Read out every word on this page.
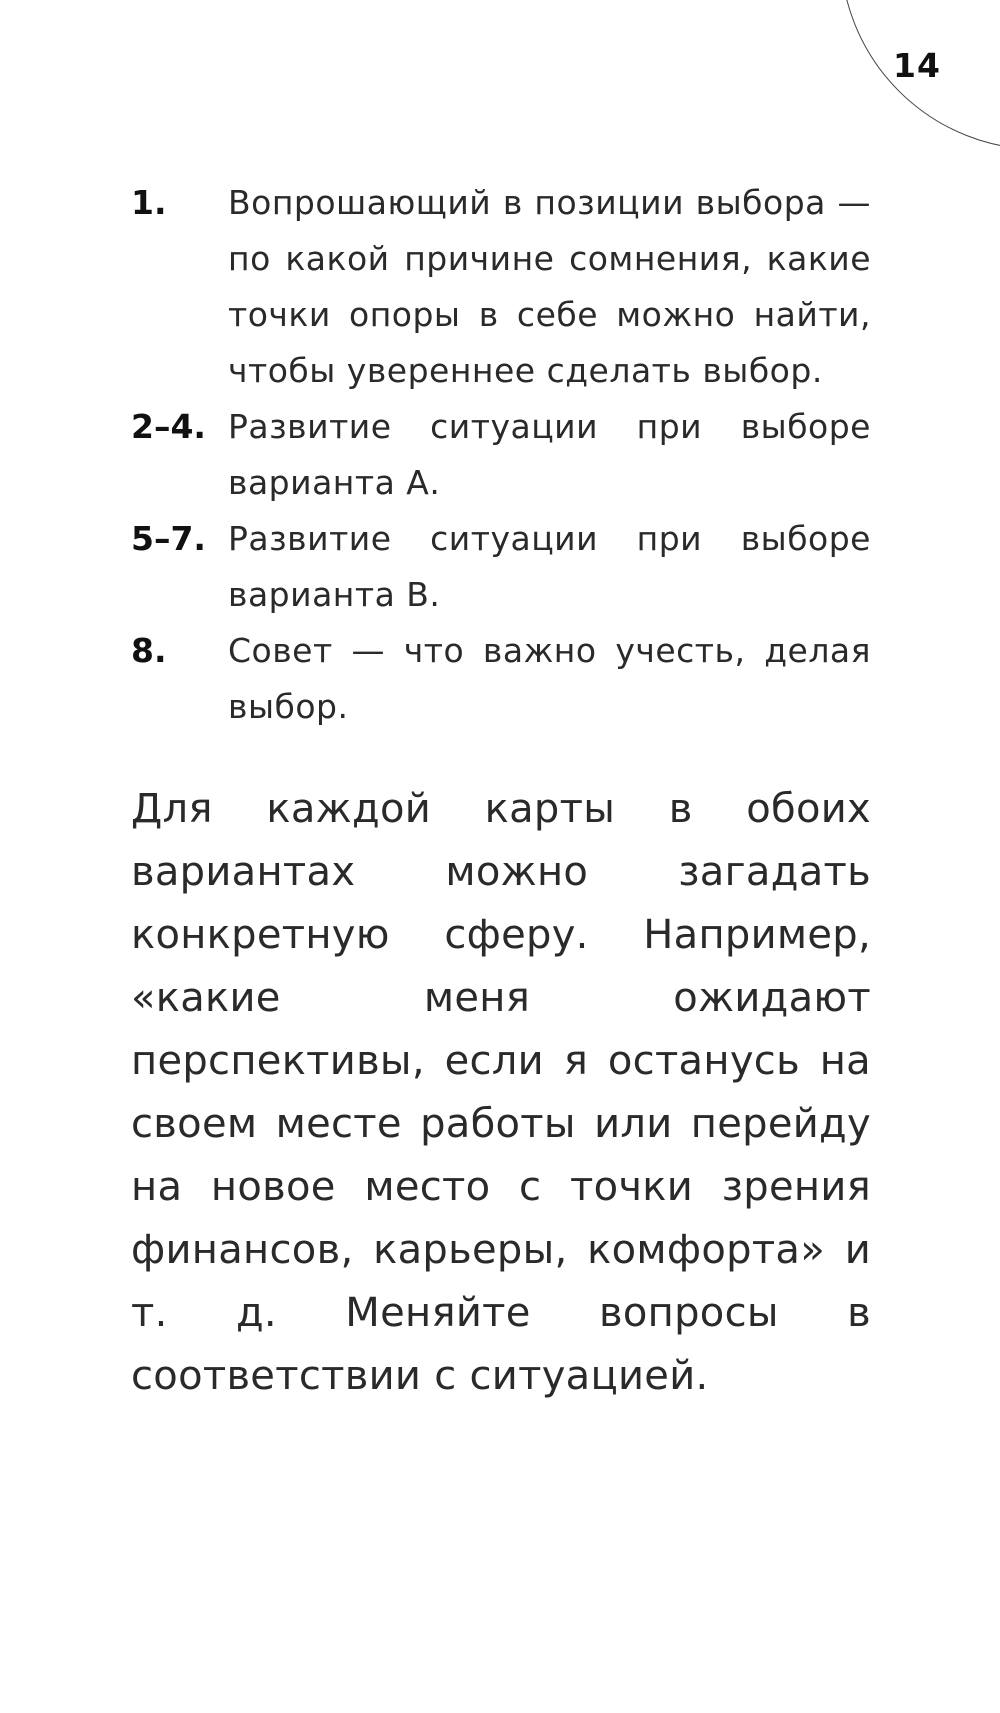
14
1.	Вопрошающий в позиции выбора — по какой причине сомнения, какие точки опоры в себе можно найти, чтобы увереннее сделать выбор.
2–4. Развитие ситуации при выборе варианта А.
5–7. Развитие ситуации при выборе варианта В.
8.	Совет — что важно учесть, делая выбор.

Для каждой карты в обоих вариантах можно загадать конкретную сферу. Например, «какие меня ожидают перспективы, если я останусь на своем месте работы или перейду на новое место с точки зрения финансов, карьеры, комфорта» и т. д. Меняйте вопросы в соответствии с ситуацией.
